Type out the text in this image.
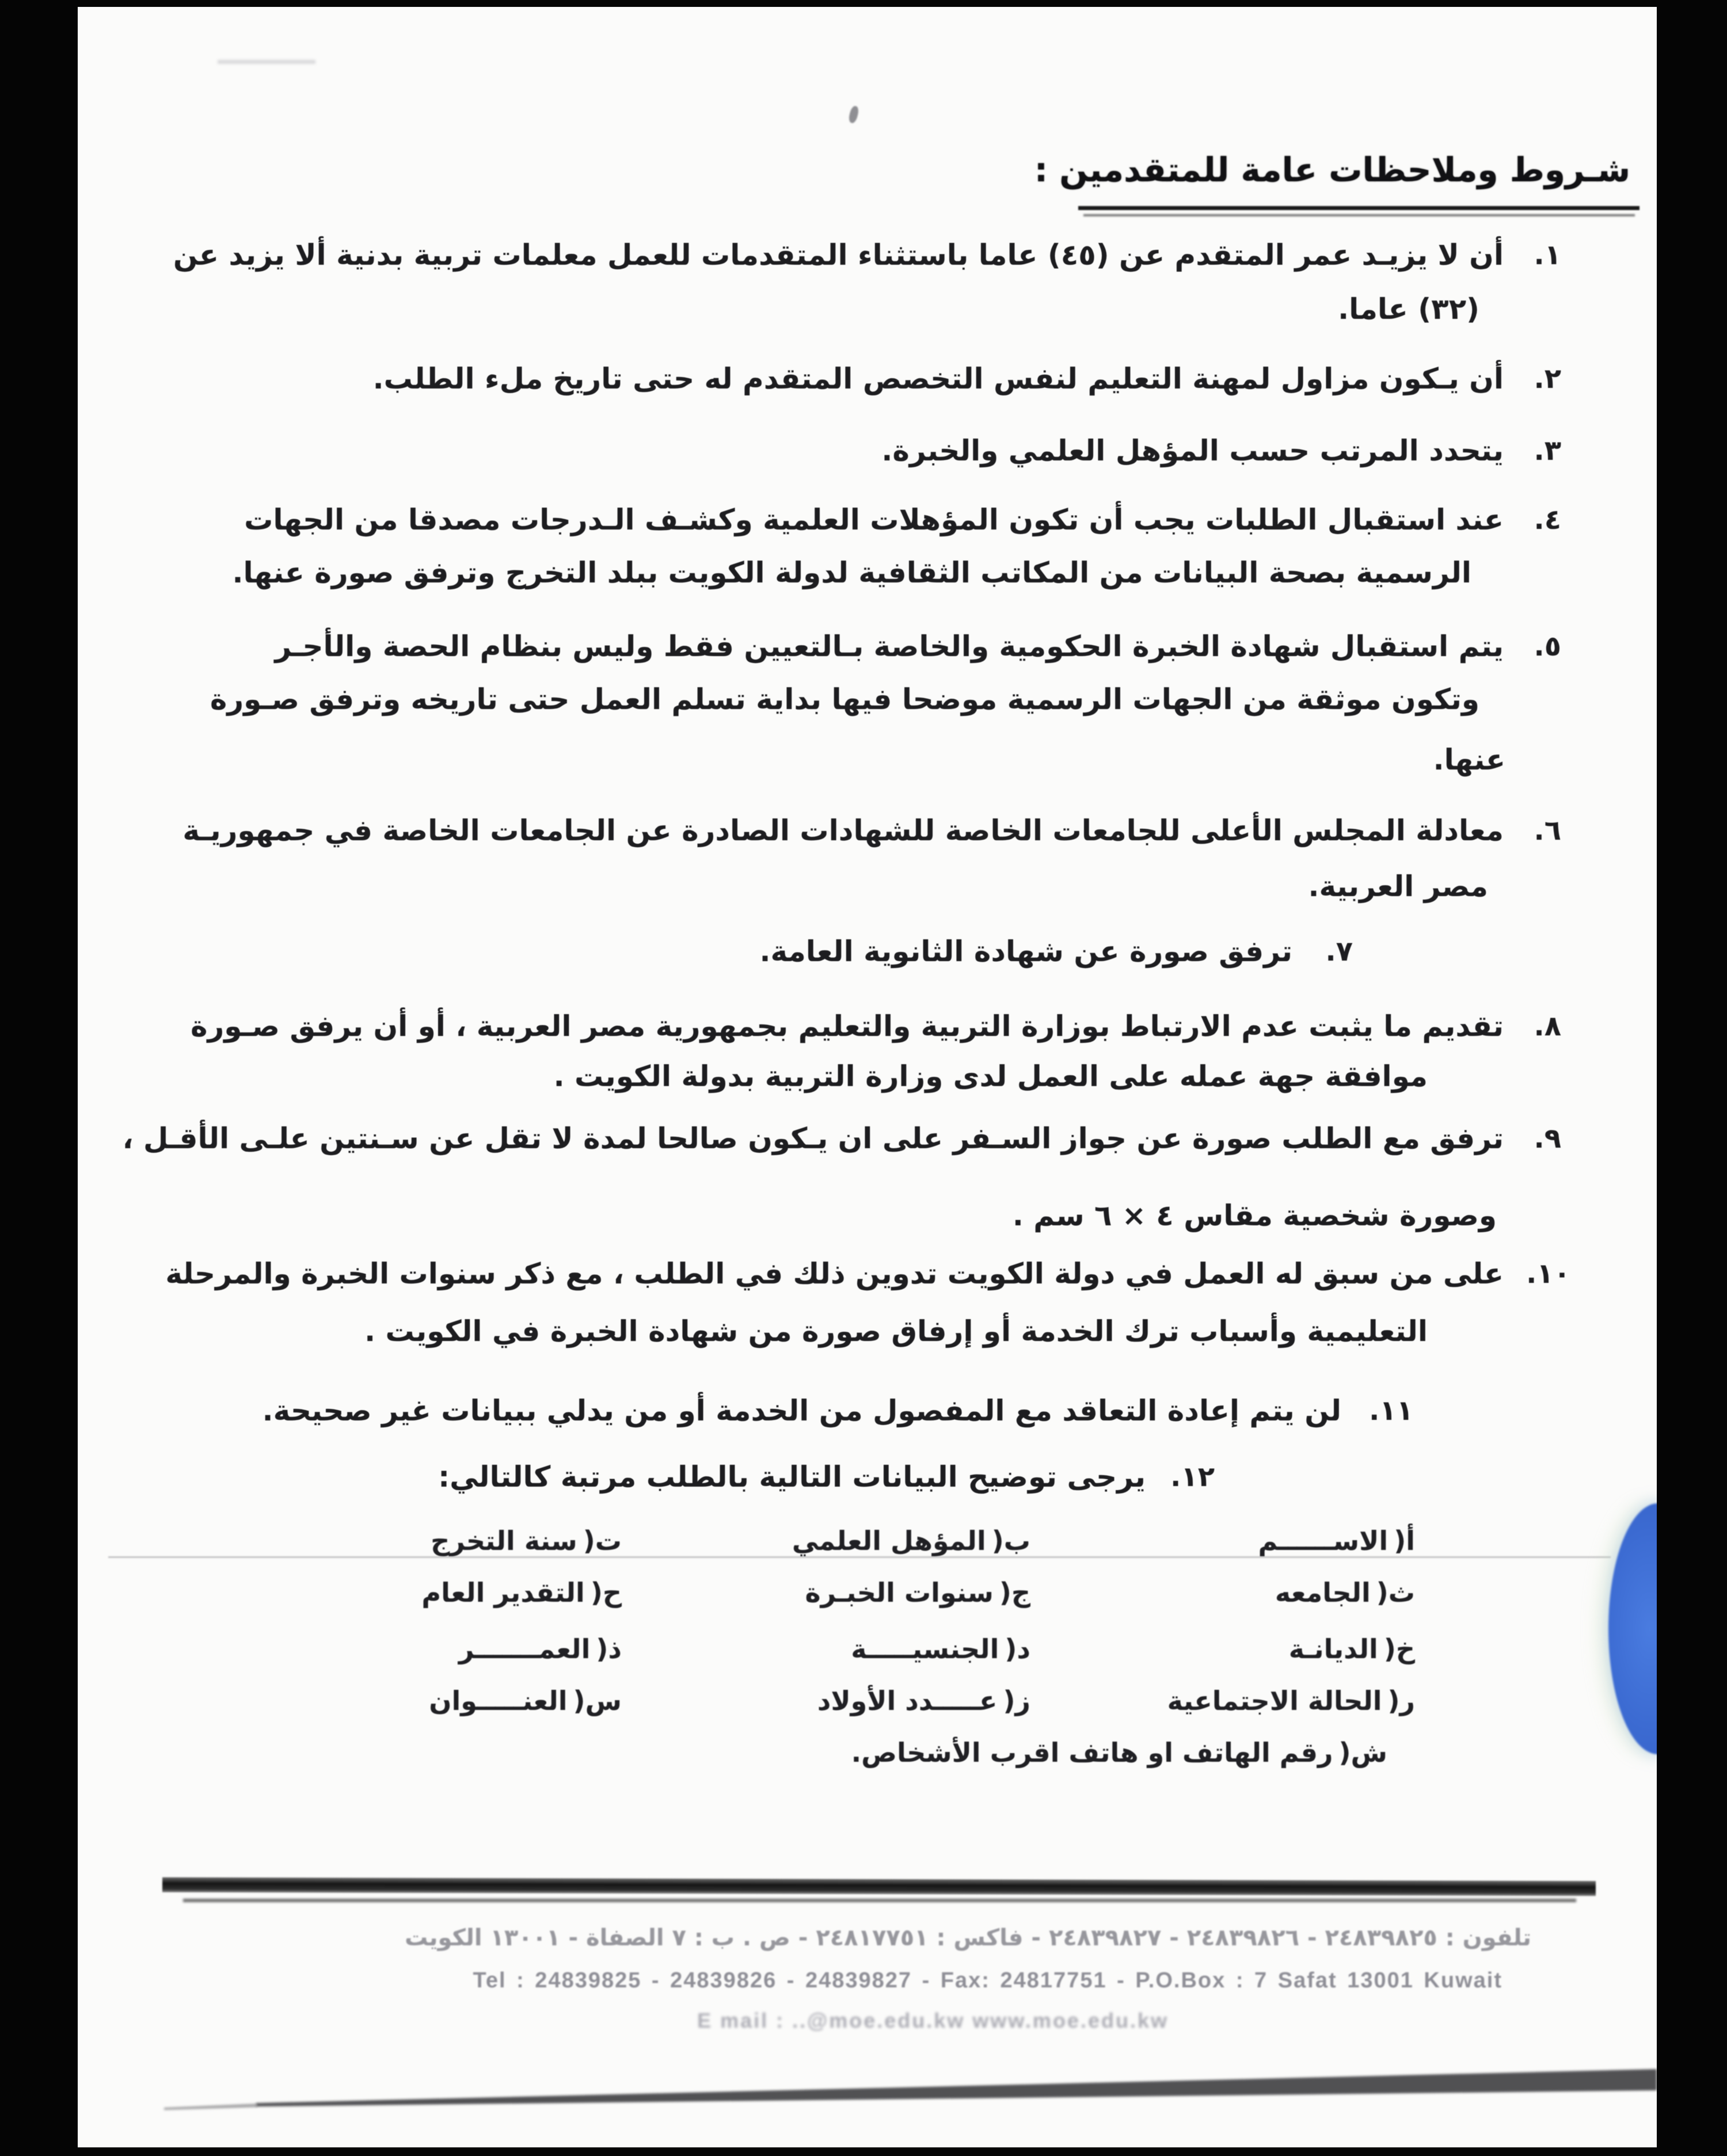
شـروط وملاحظات عامة للمتقدمين :
١.
أن لا يزيـد عمر المتقدم عن (٤٥) عاما باستثناء المتقدمات للعمل معلمات تربية بدنية ألا يزيد عن
(٣٢) عاما.
٢.
أن يـكون مزاول لمهنة التعليم لنفس التخصص المتقدم له حتى تاريخ ملء الطلب.
٣.
يتحدد المرتب حسب المؤهل العلمي والخبرة.
٤.
عند استقبال الطلبات يجب أن تكون المؤهلات العلمية وكشـف الـدرجات مصدقا من الجهات
الرسمية بصحة البيانات من المكاتب الثقافية لدولة الكويت ببلد التخرج وترفق صورة عنها.
٥.
يتم استقبال شهادة الخبرة الحكومية والخاصة بـالتعيين فقط وليس بنظام الحصة والأجـر
وتكون موثقة من الجهات الرسمية موضحا فيها بداية تسلم العمل حتى تاريخه وترفق صـورة
عنها.
٦.
معادلة المجلس الأعلى للجامعات الخاصة للشهادات الصادرة عن الجامعات الخاصة في جمهوريـة
مصر العربية.
٧.
ترفق صورة عن شهادة الثانوية العامة.
٨.
تقديم ما يثبت عدم الارتباط بوزارة التربية والتعليم بجمهورية مصر العربية ، أو أن يرفق صـورة
موافقة جهة عمله على العمل لدى وزارة التربية بدولة الكويت .
٩.
ترفق مع الطلب صورة عن جواز السـفر على ان يـكون صالحا لمدة لا تقل عن سـنتين علـى الأقـل ،
وصورة شخصية مقاس ٤ × ٦ سم .
١٠.
على من سبق له العمل في دولة الكويت تدوين ذلك في الطلب ، مع ذكر سنوات الخبرة والمرحلة
التعليمية وأسباب ترك الخدمة أو إرفاق صورة من شهادة الخبرة في الكويت .
١١.
لن يتم إعادة التعاقد مع المفصول من الخدمة أو من يدلي ببيانات غير صحيحة.
١٢.
يرجى توضيح البيانات التالية بالطلب مرتبة كالتالي:
أ)الاســــــم
ب)المؤهل العلمي
ت)سنة التخرج
ث)الجامعه
ج)سنوات الخبـرة
ح)التقدير العام
خ)الديانـة
د)الجنسيـــــة
ذ)العمـــــــر
ر)الحالة الاجتماعية
ز)عـــــدد الأولاد
س)العنـــــوان
ش)رقم الهاتف او هاتف اقرب الأشخاص.
تلفون : ٢٤٨٣٩٨٢٥ - ٢٤٨٣٩٨٢٦ - ٢٤٨٣٩٨٢٧ - فاكس : ٢٤٨١٧٧٥١ - ص . ب : ٧ الصفاة - ١٣٠٠١ الكويت
Tel : 24839825 - 24839826 - 24839827 - Fax: 24817751 - P.O.Box : 7 Safat 13001 Kuwait
E mail : ..@moe.edu.kw www.moe.edu.kw
